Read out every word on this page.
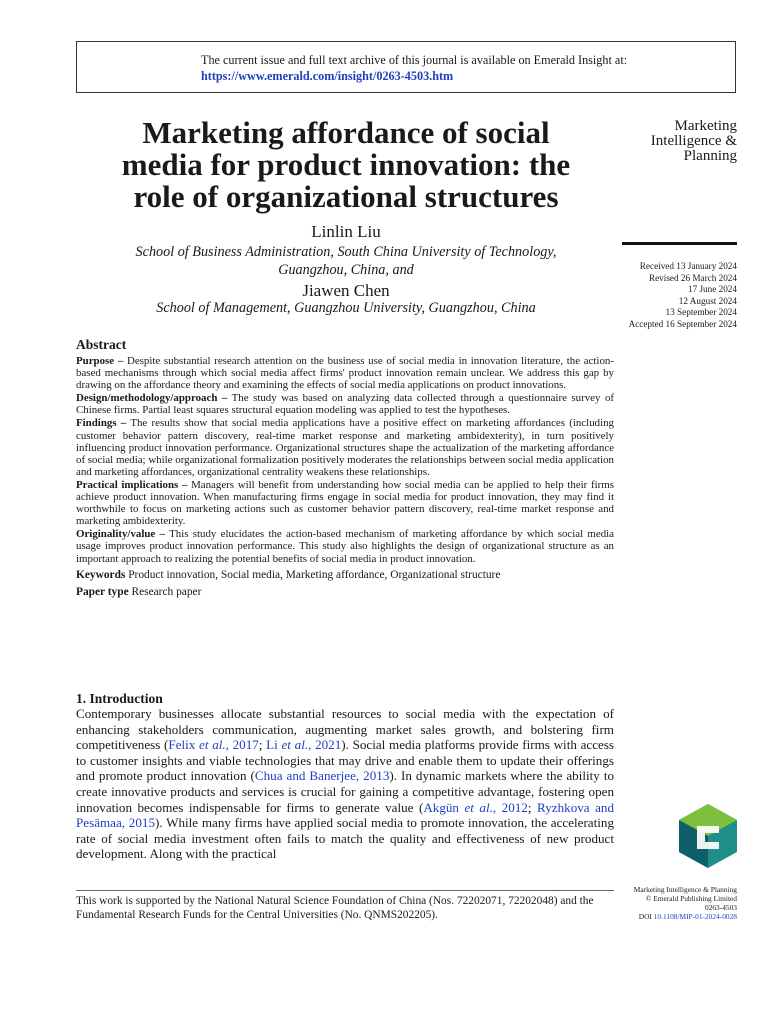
The current issue and full text archive of this journal is available on Emerald Insight at:
https://www.emerald.com/insight/0263-4503.htm
Marketing
Intelligence &
Planning
Received 13 January 2024
Revised 26 March 2024
17 June 2024
12 August 2024
13 September 2024
Accepted 16 September 2024
Marketing affordance of social
media for product innovation: the
role of organizational structures
Linlin Liu
School of Business Administration, South China University of Technology,
Guangzhou, China, and
Jiawen Chen
School of Management, Guangzhou University, Guangzhou, China
Abstract

Purpose – Despite substantial research attention on the business use of social media in innovation literature, the action-based mechanisms through which social media affect firms' product innovation remain unclear. We address this gap by drawing on the affordance theory and examining the effects of social media applications on product innovations.

Design/methodology/approach – The study was based on analyzing data collected through a questionnaire survey of Chinese firms. Partial least squares structural equation modeling was applied to test the hypotheses.

Findings – The results show that social media applications have a positive effect on marketing affordances (including customer behavior pattern discovery, real-time market response and marketing ambidexterity), in turn positively influencing product innovation performance. Organizational structures shape the actualization of the marketing affordance of social media; while organizational formalization positively moderates the relationships between social media application and marketing affordances, organizational centrality weakens these relationships.

Practical implications – Managers will benefit from understanding how social media can be applied to help their firms achieve product innovation. When manufacturing firms engage in social media for product innovation, they may find it worthwhile to focus on marketing actions such as customer behavior pattern discovery, real-time market response and marketing ambidexterity.

Originality/value – This study elucidates the action-based mechanism of marketing affordance by which social media usage improves product innovation performance. This study also highlights the design of organizational structure as an important approach to realizing the potential benefits of social media in product innovation.

Keywords Product innovation, Social media, Marketing affordance, Organizational structure

Paper type Research paper

1. Introduction
Contemporary businesses allocate substantial resources to social media with the expectation of enhancing stakeholders communication, augmenting market sales growth, and bolstering firm competitiveness (Felix et al., 2017; Li et al., 2021). Social media platforms provide firms with access to customer insights and viable technologies that may drive and enable them to update their offerings and promote product innovation (Chua and Banerjee, 2013). In dynamic markets where the ability to create innovative products and services is crucial for gaining a competitive advantage, fostering open innovation becomes indispensable for firms to generate value (Akgün et al., 2012; Ryzhkova and Pesämaa, 2015). While many firms have applied social media to promote innovation, the accelerating rate of social media investment often fails to match the quality and effectiveness of new product development. Along with the practical
This work is supported by the National Natural Science Foundation of China (Nos. 72202071, 72202048) and the Fundamental Research Funds for the Central Universities (No. QNMS202205).
Marketing Intelligence & Planning
© Emerald Publishing Limited
0263-4503
DOI 10.1108/MIP-01-2024-0028
